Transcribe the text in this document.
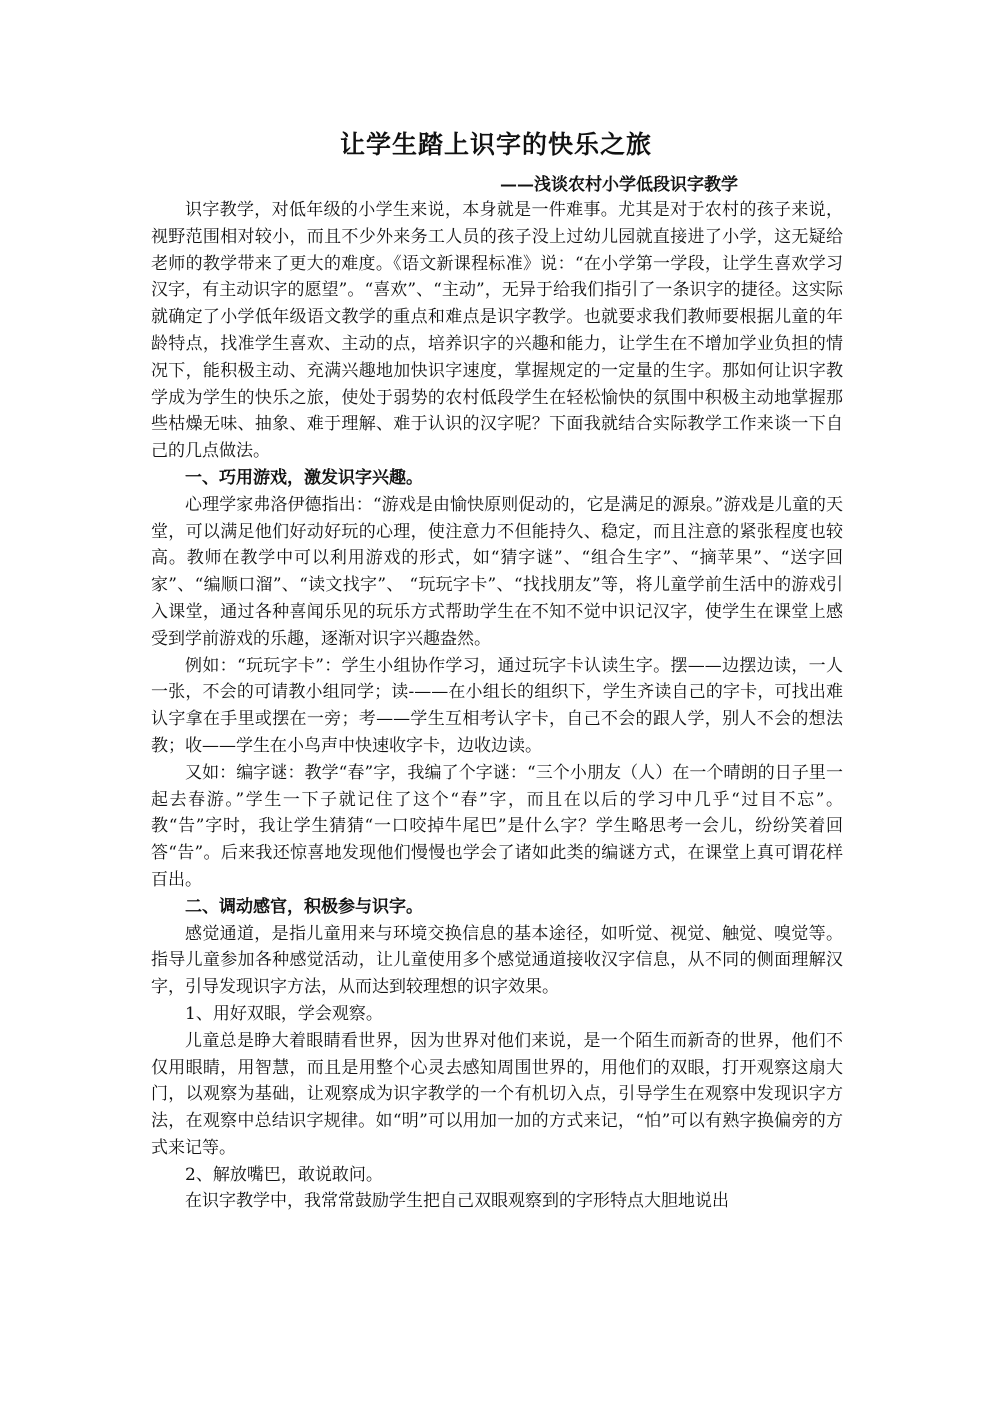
让学生踏上识字的快乐之旅
——浅谈农村小学低段识字教学

识字教学，对低年级的小学生来说，本身就是一件难事。尤其是对于农村的孩子来说，视野范围相对较小，而且不少外来务工人员的孩子没上过幼儿园就直接进了小学，这无疑给老师的教学带来了更大的难度。《语文新课程标准》说：“在小学第一学段，让学生喜欢学习汉字，有主动识字的愿望”。“喜欢”、“主动”，无异于给我们指引了一条识字的捷径。这实际就确定了小学低年级语文教学的重点和难点是识字教学。也就要求我们教师要根据儿童的年龄特点，找准学生喜欢、主动的点，培养识字的兴趣和能力，让学生在不增加学业负担的情况下，能积极主动、充满兴趣地加快识字速度，掌握规定的一定量的生字。那如何让识字教学成为学生的快乐之旅，使处于弱势的农村低段学生在轻松愉快的氛围中积极主动地掌握那些枯燥无味、抽象、难于理解、难于认识的汉字呢？下面我就结合实际教学工作来谈一下自己的几点做法。

一、巧用游戏，激发识字兴趣。

心理学家弗洛伊德指出：“游戏是由愉快原则促动的，它是满足的源泉。”游戏是儿童的天堂，可以满足他们好动好玩的心理，使注意力不但能持久、稳定，而且注意的紧张程度也较高。教师在教学中可以利用游戏的形式，如“猜字谜”、“组合生字”、“摘苹果”、“送字回家”、“编顺口溜”、“读文找字”、 “玩玩字卡”、“找找朋友”等，将儿童学前生活中的游戏引入课堂，通过各种喜闻乐见的玩乐方式帮助学生在不知不觉中识记汉字，使学生在课堂上感受到学前游戏的乐趣，逐渐对识字兴趣盎然。

例如：“玩玩字卡”：学生小组协作学习，通过玩字卡认读生字。摆——边摆边读，一人一张，不会的可请教小组同学；读-——在小组长的组织下，学生齐读自己的字卡，可找出难认字拿在手里或摆在一旁；考——学生互相考认字卡，自己不会的跟人学，别人不会的想法教；收——学生在小鸟声中快速收字卡，边收边读。

又如：编字谜：教学“春”字，我编了个字谜：“三个小朋友（人）在一个晴朗的日子里一起去春游。”学生一下子就记住了这个“春”字，而且在以后的学习中几乎“过目不忘”。教“告”字时，我让学生猜猜“一口咬掉牛尾巴”是什么字？学生略思考一会儿，纷纷笑着回答“告”。后来我还惊喜地发现他们慢慢也学会了诸如此类的编谜方式，在课堂上真可谓花样百出。

二、调动感官，积极参与识字。

感觉通道，是指儿童用来与环境交换信息的基本途径，如听觉、视觉、触觉、嗅觉等。指导儿童参加各种感觉活动，让儿童使用多个感觉通道接收汉字信息，从不同的侧面理解汉字，引导发现识字方法，从而达到较理想的识字效果。

1、用好双眼，学会观察。

儿童总是睁大着眼睛看世界，因为世界对他们来说，是一个陌生而新奇的世界，他们不仅用眼睛，用智慧，而且是用整个心灵去感知周围世界的，用他们的双眼，打开观察这扇大门，以观察为基础，让观察成为识字教学的一个有机切入点，引导学生在观察中发现识字方法，在观察中总结识字规律。如“明”可以用加一加的方式来记，“怕”可以有熟字换偏旁的方式来记等。

2、解放嘴巴，敢说敢问。

在识字教学中，我常常鼓励学生把自己双眼观察到的字形特点大胆地说出
